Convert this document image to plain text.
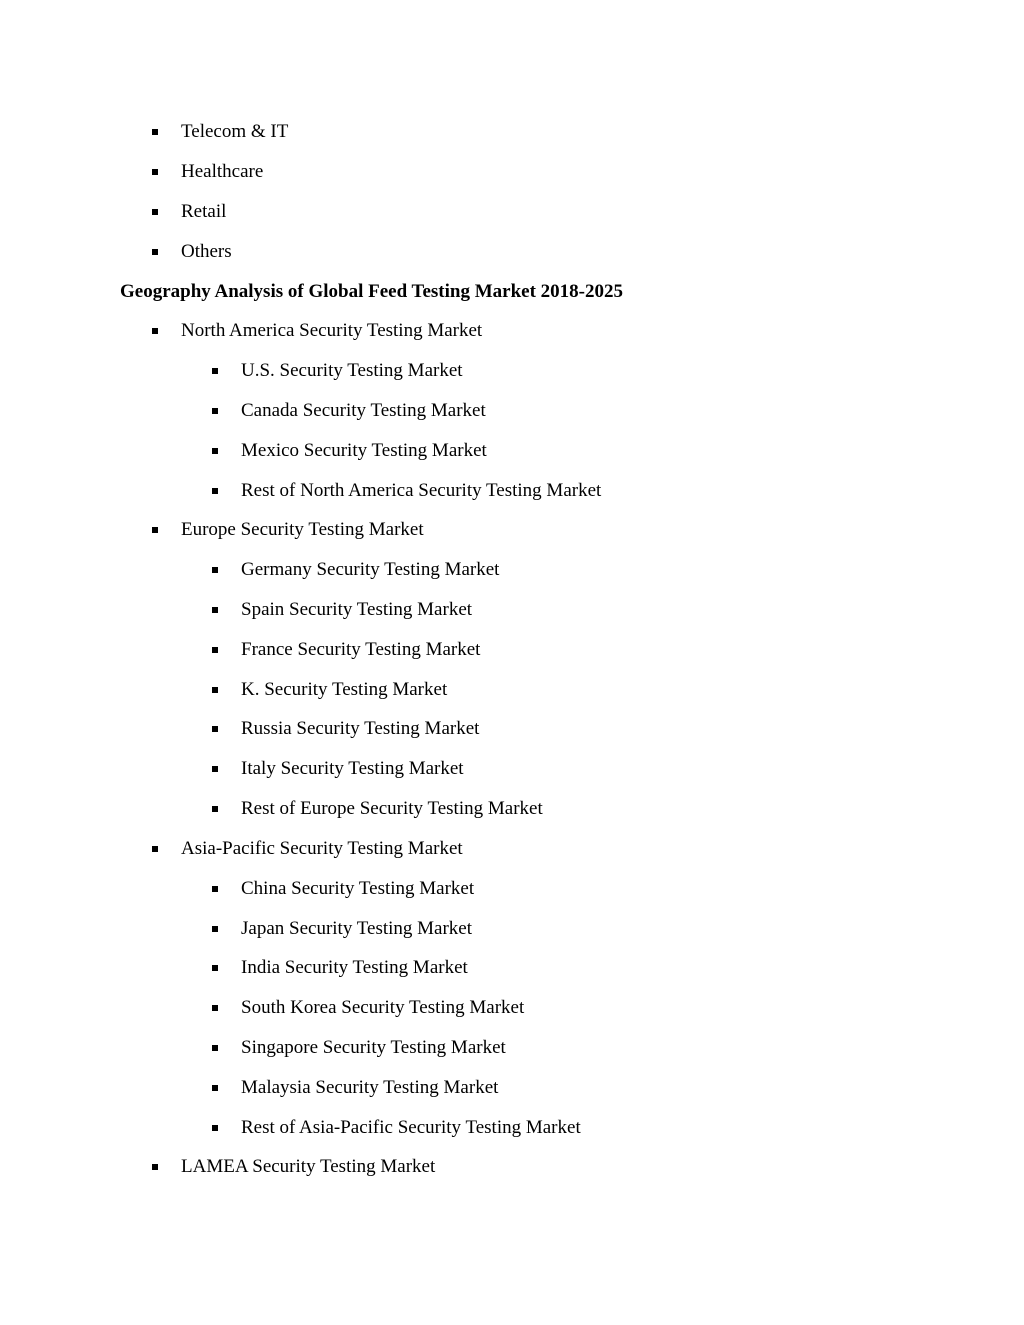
Telecom & IT
Healthcare
Retail
Others
Geography Analysis of Global Feed Testing Market 2018-2025
North America Security Testing Market
U.S. Security Testing Market
Canada Security Testing Market
Mexico Security Testing Market
Rest of North America Security Testing Market
Europe Security Testing Market
Germany Security Testing Market
Spain Security Testing Market
France Security Testing Market
K. Security Testing Market
Russia Security Testing Market
Italy Security Testing Market
Rest of Europe Security Testing Market
Asia-Pacific Security Testing Market
China Security Testing Market
Japan Security Testing Market
India Security Testing Market
South Korea Security Testing Market
Singapore Security Testing Market
Malaysia Security Testing Market
Rest of Asia-Pacific Security Testing Market
LAMEA Security Testing Market
